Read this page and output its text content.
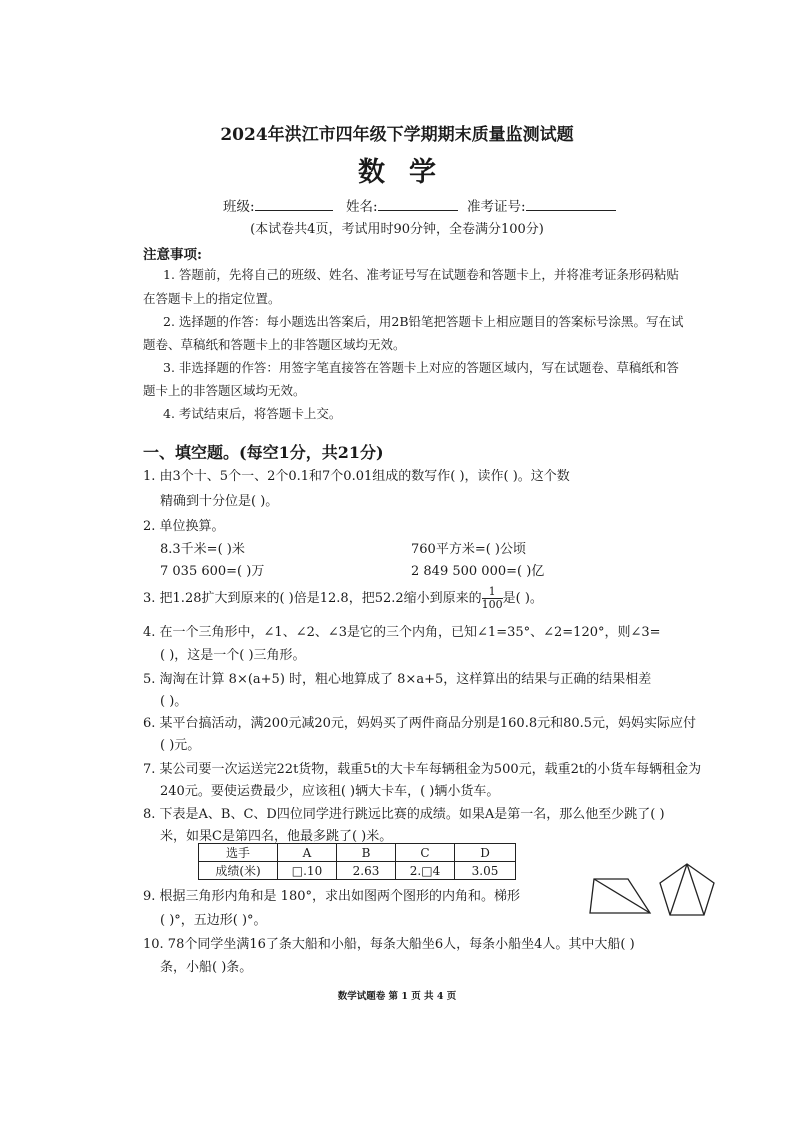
2024年洪江市四年级下学期期末质量监测试题
数学
班级:	姓名:	准考证号:
(本试卷共4页，考试用时90分钟，全卷满分100分)
注意事项:
1. 答题前，先将自己的班级、姓名、准考证号写在试题卷和答题卡上，并将准考证条形码粘贴
在答题卡上的指定位置。
2. 选择题的作答：每小题选出答案后，用2B铅笔把答题卡上相应题目的答案标号涂黑。写在试
题卷、草稿纸和答题卡上的非答题区域均无效。
3. 非选择题的作答：用签字笔直接答在答题卡上对应的答题区域内，写在试题卷、草稿纸和答
题卡上的非答题区域均无效。
4. 考试结束后，将答题卡上交。
一、填空题。(每空1分，共21分)
1. 由3个十、5个一、2个0.1和7个0.01组成的数写作( )，读作( )。这个数
精确到十分位是( )。
2. 单位换算。
8.3千米=( )米	760平方米=( )公顷
7 035 600=( )万	2 849 500 000=( )亿
3. 把1.28扩大到原来的( )倍是12.8，把52.2缩小到原来的 $\frac{1}{100}$ 是( )。
4. 在一个三角形中，∠1、∠2、∠3是它的三个内角，已知∠1=35°、∠2=120°，则∠3=
( )，这是一个( )三角形。
5. 淘淘在计算 8×(a+5) 时，粗心地算成了 8×a+5，这样算出的结果与正确的结果相差
( )。
6. 某平台搞活动，满200元减20元，妈妈买了两件商品分别是160.8元和80.5元，妈妈实际应付
( )元。
7. 某公司要一次运送完22t货物，载重5t的大卡车每辆租金为500元，载重2t的小货车每辆租金为
240元。要使运费最少，应该租( )辆大卡车，( )辆小货车。
8. 下表是A、B、C、D四位同学进行跳远比赛的成绩。如果A是第一名，那么他至少跳了( )
米，如果C是第四名，他最多跳了( )米。
选手	A	B	C	D
成绩(米)	□.10	2.63	2.□4	3.05
9. 根据三角形内角和是 180°，求出如图两个图形的内角和。梯形
( )°，五边形( )°。
10. 78个同学坐满16了条大船和小船，每条大船坐6人，每条小船坐4人。其中大船( )
条，小船( )条。
数学试题卷 第 1 页 共 4 页
